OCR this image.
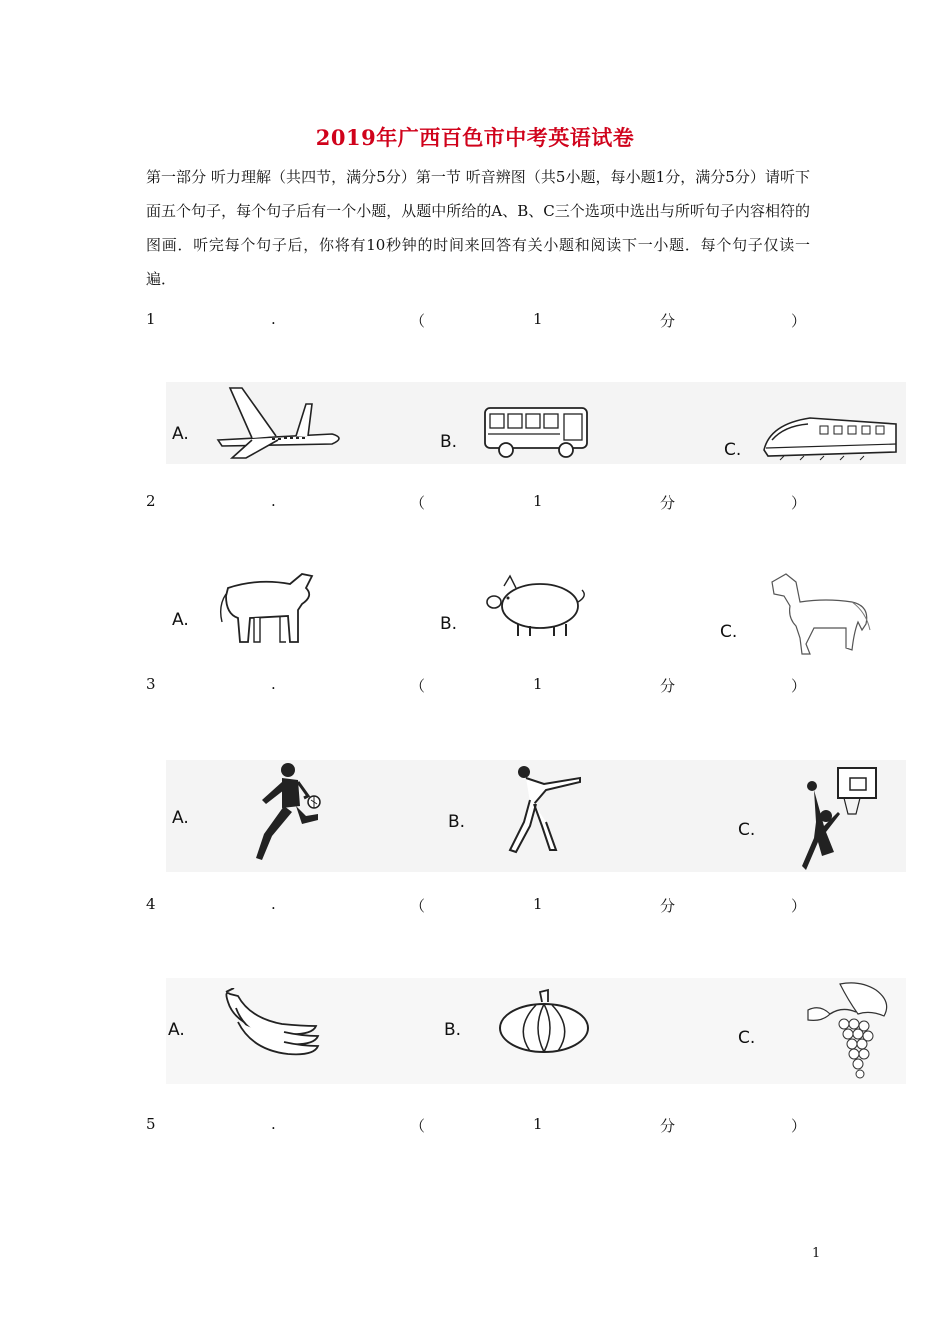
2019年广西百色市中考英语试卷
第一部分 听力理解（共四节，满分5分）第一节 听音辨图（共5小题，每小题1分，满分5分）请听下面五个句子，每个句子后有一个小题，从题中所给的A、B、C三个选项中选出与所听句子内容相符的图画．听完每个句子后，你将有10秒钟的时间来回答有关小题和阅读下一小题．每个句子仅读一遍．
1	.	（	1	分	）
A.	B.	C.
2	.	（	1	分	）
A.	B.	C.
3	.	（	1	分	）
A.	B.	C.
4	.	（	1	分	）
A.	B.	C.
5	.	（	1	分	）
1
